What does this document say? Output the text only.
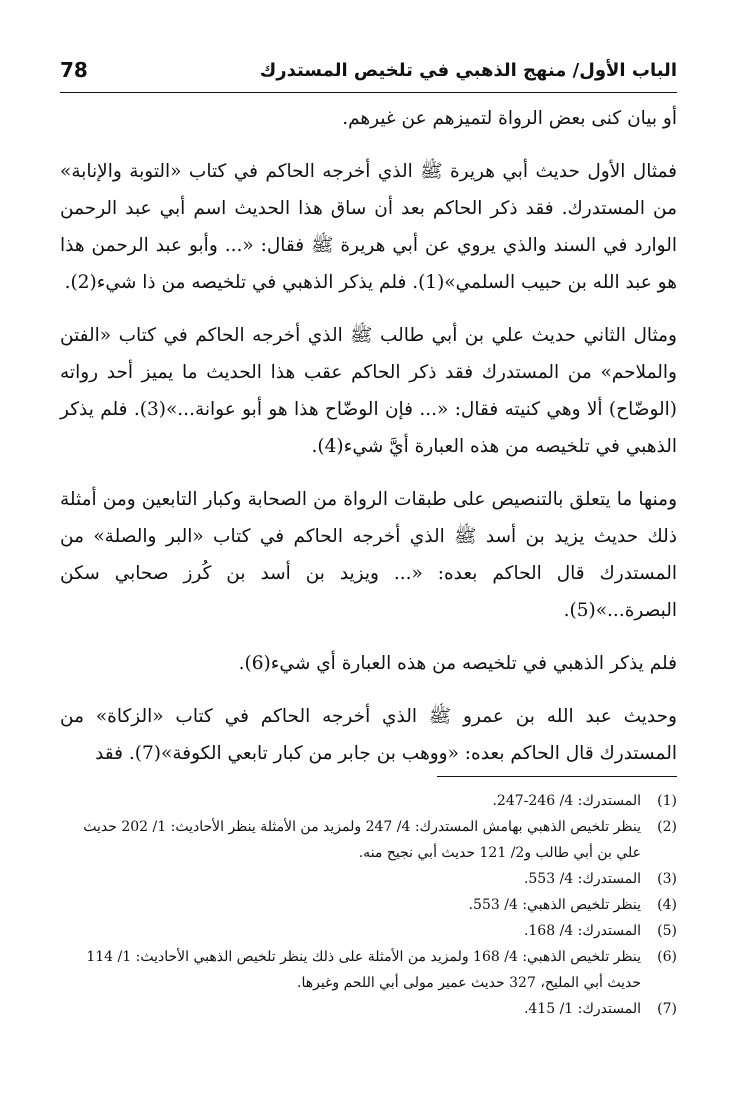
الباب الأول/ منهج الذهبي في تلخيص المستدرك
78

أو بيان كنى بعض الرواة لتميزهم عن غيرهم.

فمثال الأول حديث أبي هريرة ﷺ الذي أخرجه الحاكم في كتاب «التوبة والإنابة» من المستدرك. فقد ذكر الحاكم بعد أن ساق هذا الحديث اسم أبي عبد الرحمن الوارد في السند والذي يروي عن أبي هريرة ﷺ فقال: «... وأبو عبد الرحمن هذا هو عبد الله بن حبيب السلمي»(1). فلم يذكر الذهبي في تلخيصه من ذا شيء(2).

ومثال الثاني حديث علي بن أبي طالب ﷺ الذي أخرجه الحاكم في كتاب «الفتن والملاحم» من المستدرك فقد ذكر الحاكم عقب هذا الحديث ما يميز أحد رواته (الوضّاح) ألا وهي كنيته فقال: «... فإن الوضّاح هذا هو أبو عوانة...»(3). فلم يذكر الذهبي في تلخيصه من هذه العبارة أيَّ شيء(4).

ومنها ما يتعلق بالتنصيص على طبقات الرواة من الصحابة وكبار التابعين ومن أمثلة ذلك حديث يزيد بن أسد ﷺ الذي أخرجه الحاكم في كتاب «البر والصلة» من المستدرك قال الحاكم بعده: «... ويزيد بن أسد بن كُرز صحابي سكن البصرة...»(5).

فلم يذكر الذهبي في تلخيصه من هذه العبارة أي شيء(6).

وحديث عبد الله بن عمرو ﷺ الذي أخرجه الحاكم في كتاب «الزكاة» من المستدرك قال الحاكم بعده: «ووهب بن جابر من كبار تابعي الكوفة»(7). فقد

(1)
المستدرك: 4/ 246-247.
(2)
ينظر تلخيص الذهبي بهامش المستدرك: 4/ 247 ولمزيد من الأمثلة ينظر الأحاديث: 1/ 202 حديث علي بن أبي طالب و2/ 121 حديث أبي نجيح منه.
(3)
المستدرك: 4/ 553.
(4)
ينظر تلخيص الذهبي: 4/ 553.
(5)
المستدرك: 4/ 168.
(6)
ينظر تلخيص الذهبي: 4/ 168 ولمزيد من الأمثلة على ذلك ينظر تلخيص الذهبي الأحاديث: 1/ 114 حديث أبي المليح، 327 حديث عمير مولى أبي اللحم وغيرها.
(7)
المستدرك: 1/ 415.
